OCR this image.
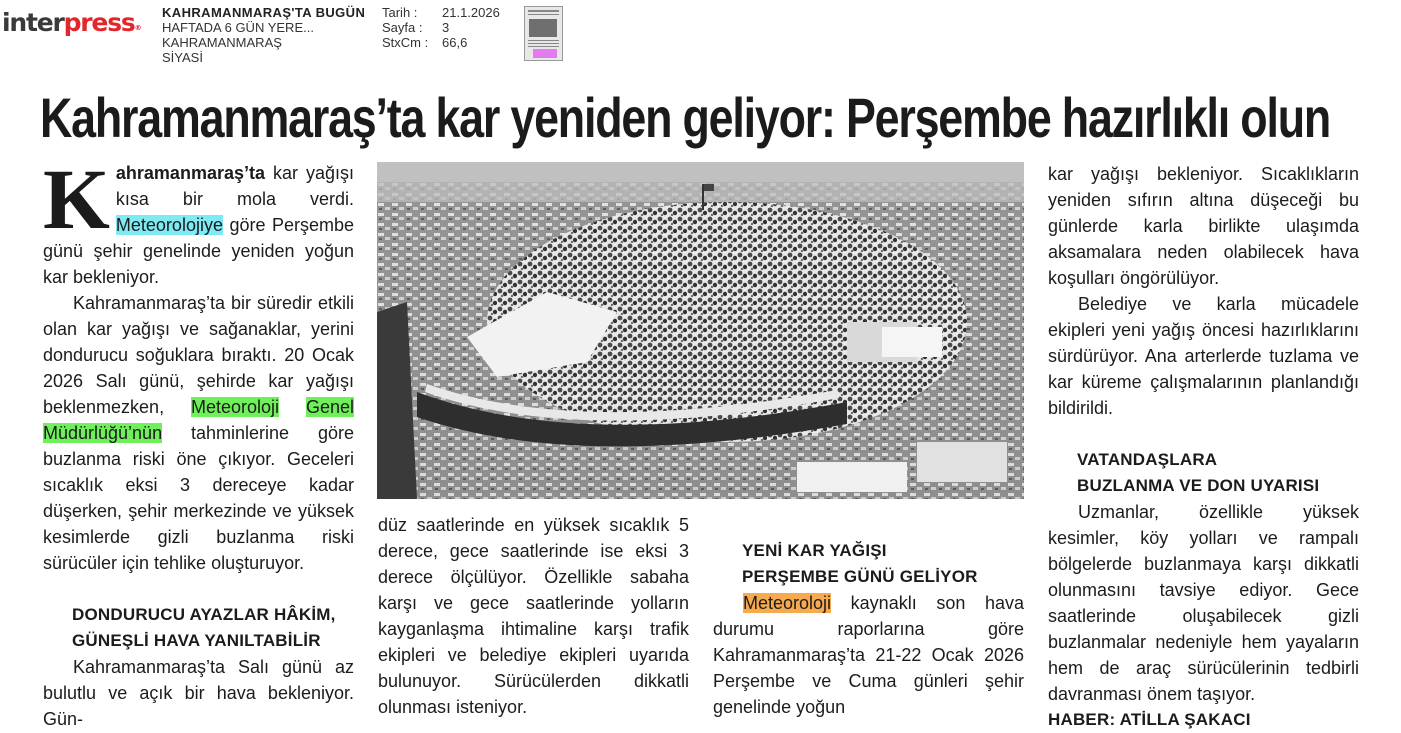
interpress®
KAHRAMANMARAŞ'TA BUGÜN
HAFTADA 6 GÜN YERE...
KAHRAMANMARAŞ
SİYASİ
Tarih :
Sayfa :
StxCm :
21.1.2026
3
66,6
Kahramanmaraş’ta kar yeniden geliyor: Perşembe hazırlıklı olun

Kahramanmaraş’ta kar yağışı kısa bir mola verdi. Meteorolojiye göre Perşembe günü şehir genelinde yeniden yoğun kar bekleniyor.

Kahramanmaraş’ta bir süredir etkili olan kar yağışı ve sağanaklar, yerini dondurucu soğuklara bıraktı. 20 Ocak 2026 Salı günü, şehirde kar yağışı beklenmezken, Meteoroloji Genel Müdürlüğü’nün tahminlerine göre buzlanma riski öne çıkıyor. Geceleri sıcaklık eksi 3 dereceye kadar düşerken, şehir merkezinde ve yüksek kesimlerde gizli buzlanma riski sürücüler için tehlike oluşturuyor.

DONDURUCU AYAZLAR HÂKİM,
GÜNEŞLİ HAVA YANILTABİLİR

Kahramanmaraş’ta Salı günü az bulutlu ve açık bir hava bekleniyor. Gün-

düz saatlerinde en yüksek sıcaklık 5 derece, gece saatlerinde ise eksi 3 derece ölçülüyor. Özellikle sabaha karşı ve gece saatlerinde yolların kayganlaşma ihtimaline karşı trafik ekipleri ve belediye ekipleri uyarıda bulunuyor. Sürücülerden dikkatli olunması isteniyor.

YENİ KAR YAĞIŞI
PERŞEMBE GÜNÜ GELİYOR

Meteoroloji kaynaklı son hava durumu raporlarına göre Kahramanmaraş’ta 21-22 Ocak 2026 Perşembe ve Cuma günleri şehir genelinde yoğun

kar yağışı bekleniyor. Sıcaklıkların yeniden sıfırın altına düşeceği bu günlerde karla birlikte ulaşımda aksamalara neden olabilecek hava koşulları öngörülüyor.

Belediye ve karla mücadele ekipleri yeni yağış öncesi hazırlıklarını sürdürüyor. Ana arterlerde tuzlama ve kar küreme çalışmalarının planlandığı bildirildi.

VATANDAŞLARA
BUZLANMA VE DON UYARISI

Uzmanlar, özellikle yüksek kesimler, köy yolları ve rampalı bölgelerde buzlanmaya karşı dikkatli olunmasını tavsiye ediyor. Gece saatlerinde oluşabilecek gizli buzlanmalar nedeniyle hem yayaların hem de araç sürücülerinin tedbirli davranması önem taşıyor.

HABER: ATİLLA ŞAKACI
